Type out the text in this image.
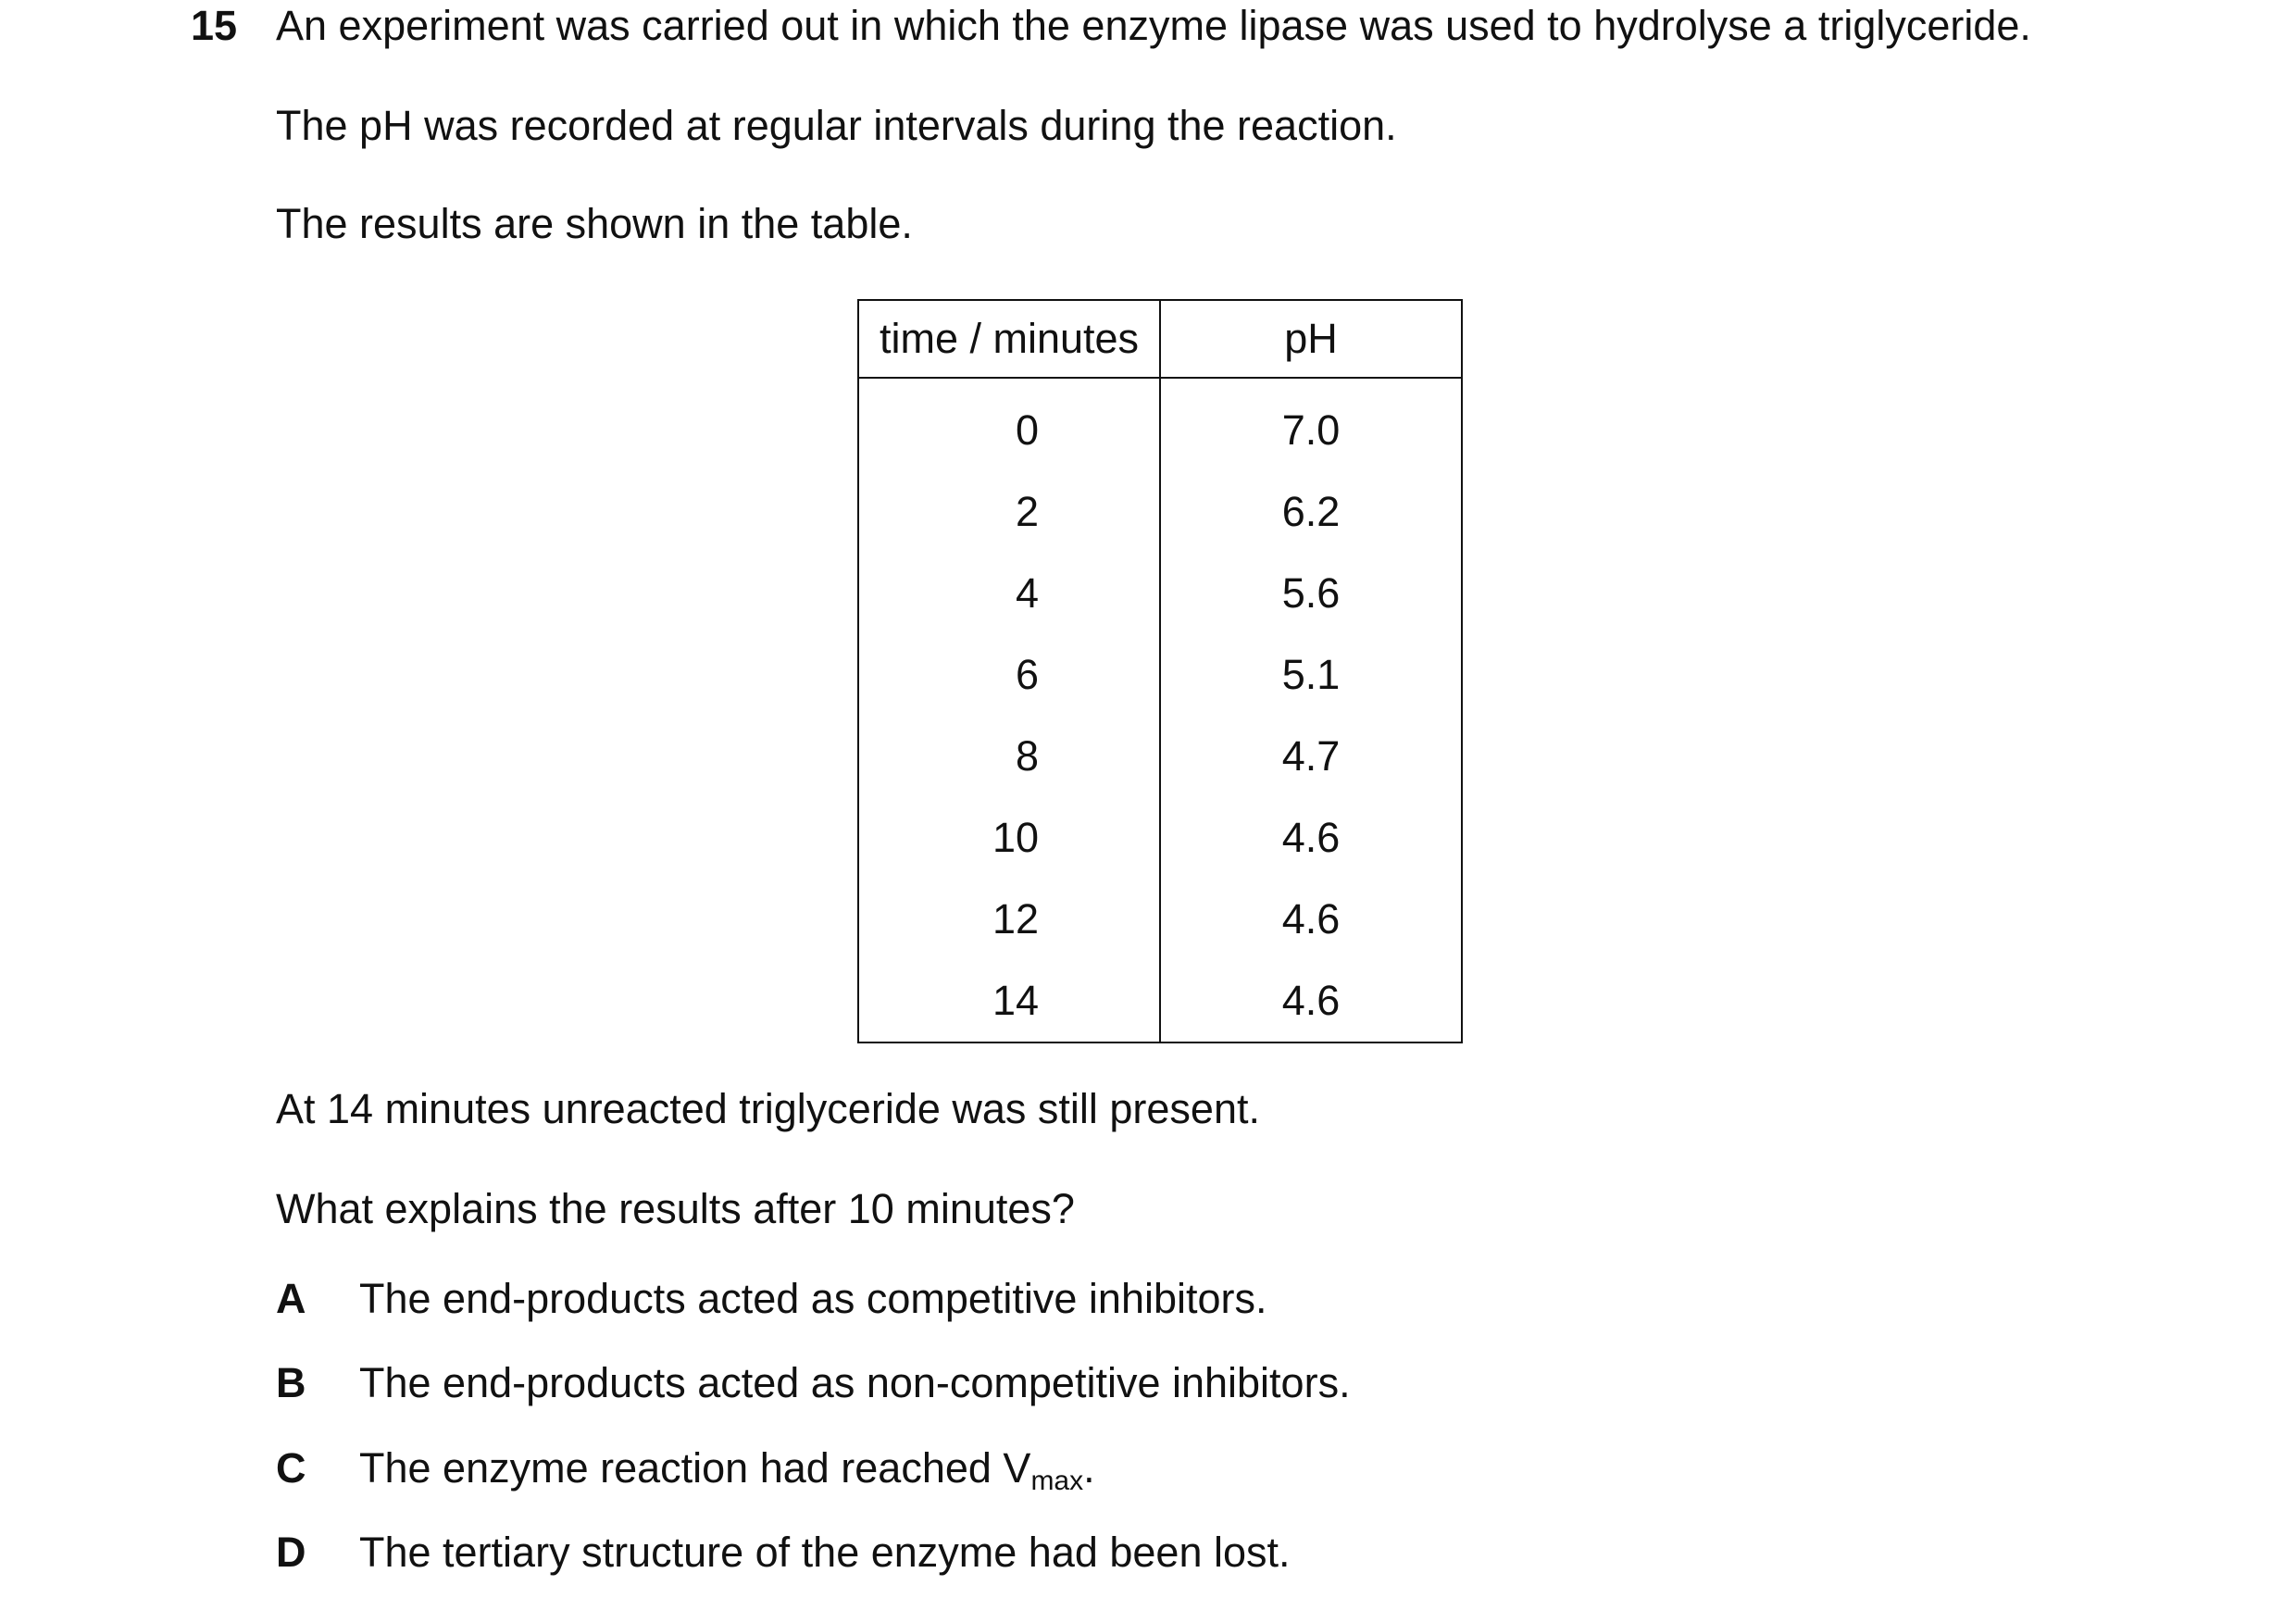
15 An experiment was carried out in which the enzyme lipase was used to hydrolyse a triglyceride.
The pH was recorded at regular intervals during the reaction.
The results are shown in the table.
time / minutes	pH
0	7.0
2	6.2
4	5.6
6	5.1
8	4.7
10	4.6
12	4.6
14	4.6
At 14 minutes unreacted triglyceride was still present.
What explains the results after 10 minutes?
A The end-products acted as competitive inhibitors.
B The end-products acted as non-competitive inhibitors.
C The enzyme reaction had reached $V_{max}$.
D The tertiary structure of the enzyme had been lost.
